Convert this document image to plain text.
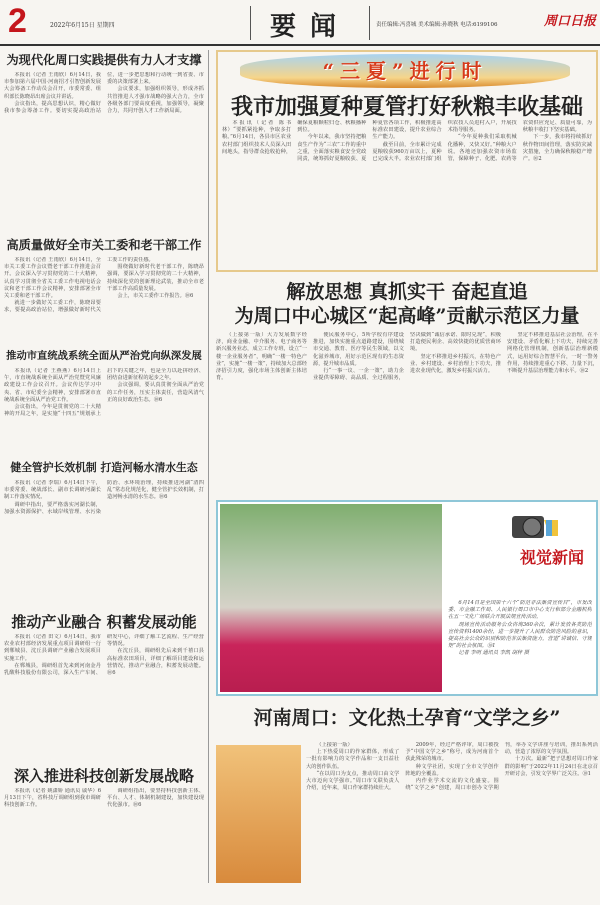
2	2022年6月15日 星期四	要闻	责任编辑:冯喜城 美术编辑:孙晓秋 电话:6199106	周口日报
为现代化周口实践提供有力人才支撑

本报讯（记者 王雨欣）6月14日，我市参加第六届中国·河南招才引智创新发展大会筹备工作动员会召开，市委常委、组织部长陈晓昂出席会议并讲话。

会议指出，提高思想认识，精心做好我市参会筹备工作。要切实提高政治站位，进一步把思想和行动统一到省委、市委的决策部署上来。

会议要求，加强组织领导，形成齐抓共管推进人才强市战略的强大合力，全市各级各部门要高度重视，加强领导，凝聚合力，共同开创人才工作新局面。

高质量做好全市关工委和老干部工作

本报讯（记者 王雨欣）6月14日，全市关工委工作会议暨老干部工作推进会召开。会议深入学习贯彻党的二十大精神，认真学习贯彻全省关工委工作电视电话会议和老干部工作会议精神，安排部署全市关工委和老干部工作。

就进一步做好关工委工作，陈晓昂要求，要提高政治站位，增强做好新时代关工委工作的责任感。

围绕做好新时代老干部工作，陈晓昂强调，要深入学习贯彻党的二十大精神，持续深化党的创新理论武装，推动全市老干部工作高质量发展。

会上，市关工委作工作报告。⑩6

推动市直统战系统全面从严治党向纵深发展

本报讯（记者 王燕燕）6月14日上午，市直统战系统全面从严治党暨党风廉政建设工作会议召开。会议传达学习中央、省、市纪委全会精神，安排部署市直统战系统全面从严治党工作。

会议指出，今年是贯彻党的二十大精神的开局之年，是实施“十四五”规划承上启下的关键之年，也是全力以赴拼经济、团结奋进新征程的起步之年。

会议强调，要认真贯彻全面从严治党的工作任务，压实主体责任，营造风清气正的良好政治生态。⑩6

健全管护长效机制 打造河畅水清水生态

本报讯（记者 李瑞）6月14日下午，市委常委、统战部长、副市长调研河湖长制工作落实情况。

调研中指出，要严格落实河湖长制，加强水资源保护、水域岸线管理、水污染防治、水环境治理，持续推进河湖“清四乱”常态化规范化，健全管护长效机制，打造河畅水清的水生态。⑩6

推动产业融合 积蓄发展动能

本报讯（记者 田文）6月14日，我市农业农村部经济发展重点项目调研组一行到郸城县、沈丘县调研产业融合发展项目实施工作。

在郸城县，调研组首先来到河南金丹乳酸科技股份有限公司，深入生产车间、研发中心，详细了解工艺流程、生产经营等情况。

在沈丘县，调研组先后来到千禧口县高标准农田项目，详细了解项目建设和运营情况，推动产业融合，积蓄发展动能。⑩6

深入推进科技创新发展战略

本报讯（记者 姚潇娇 通讯员 戚华）6月13日下午，省科技厅调研组到我市调研科技创新工作。

调研组指出，要坚持科技创新主体、平台、人才、体制机制建设，加快建设现代化强市。⑩6

“三夏”进行时
我市加强夏种夏管打好秋粮丰收基础

本报讯（记者 陈书林）“要抓紧抢种，争取多打粮。”6月14日，各县市区农业农村部门组织技术人员深入田间地头，指导群众抢收抢种，确保夏粮颗粒归仓、秋粮播种到位。

今年以来，我市坚持把粮食生产作为“三农”工作的重中之重，全面落实粮食安全党政同责，统筹抓好夏粮收获、夏种夏管各项工作，积极推进高标准农田建设，提升农业综合生产能力。

截至目前，全市累计完成夏粮收获960万亩以上，夏种已完成大半。农业农村部门组织农技人员进村入户，开展技术指导服务。

“今年夏种我们采取机械化播种，又快又好。”种粮大户说。各地还加强农资市场监管，保障种子、化肥、农药等农资供应充足、质量可靠，为秋粮丰收打下坚实基础。

下一步，我市将持续抓好秋作物田间管理，落实防灾减灾措施，全力确保秋粮稳产增产。⑩2

解放思想 真抓实干 奋起直追
为周口中心城区“起高峰”贡献示范区力量

（上接第一版）大力发展数字经济，商业金融、中介服务、电子商务等新兴服务业态，成立工作专班，设立“一楼一企业服务者”，明确“一楼一特色产业”，实施“一楼一策”，持续加大总部经济招引力度，强化市场主体创新主体培育。

便民服务中心，5所学校有序建设推进，加快实施重点道路建设，围绕城市交通、教育、医疗等民生领域，以文化滋养城市，用好示范区现有的生态资源，提升城市品质。

行“一事一议、一企一策”，助力企业提供零障碍、高品质、全过程服务，坚决做到“诚信承诺、限时兑现”，积极打造便民利企、高效快捷的优质营商环境。

坚定不移推进乡村振兴，在特色产业、乡村建设、乡村治理上下功夫，推进农业现代化，激发乡村振兴活力。

坚定不移推进基层社会治理，在平安建设、矛盾化解上下功夫，持续完善网格化管理机制，创新基层治理新模式，运用好综合智慧平台，一时一警务作用，持续推进重心下移、力量下沉，不断提升基层治理能力和水平。⑩2

视觉新闻

6月14日是全国第十六个“防范非法集资宣传日”，市发改委、市金融工作局、人民银行周口市中心支行和部分金融机构在五一文化广场联合开展法规宣传活动。

现场宣传活动服务公众咨询360余次，累计发放各类防范宣传资料1400余份，进一步提升了人民群众防范风险的意识，提高社会公众的识别和防范非法集资能力，营造“讲诚信、守规矩”的社会氛围。⑩1

记者 李明 通讯员 李凯 胡梓 摄

河南周口：文化热土孕育“文学之乡”

（上接第一版）

上下热爱周口的作家群体，形成了一批有影响力的文学作品和一支日益壮大的创作队伍。

“在以周口为支点，推动周口由文学大市迈向文学强市。”周口市文联负责人介绍，近年来，周口作家群持续壮大。

2009年，经过严格评审，周口被授予“中国文学之乡”称号，成为河南首个获此殊荣的城市。

种文学社团，实现了全市文学创作阵地的全覆盖。

内作业学术交流的文化盛宴。围绕“文学之乡”创建，周口市创办文学期刊，举办文学讲座与培训，推出系列活动，营造了浓厚的文学氛围。

十万次。最新“把子思想对周口作家群的影响”于2022年11月24日在北京召开研讨会，引发文学界广泛关注。⑩1
